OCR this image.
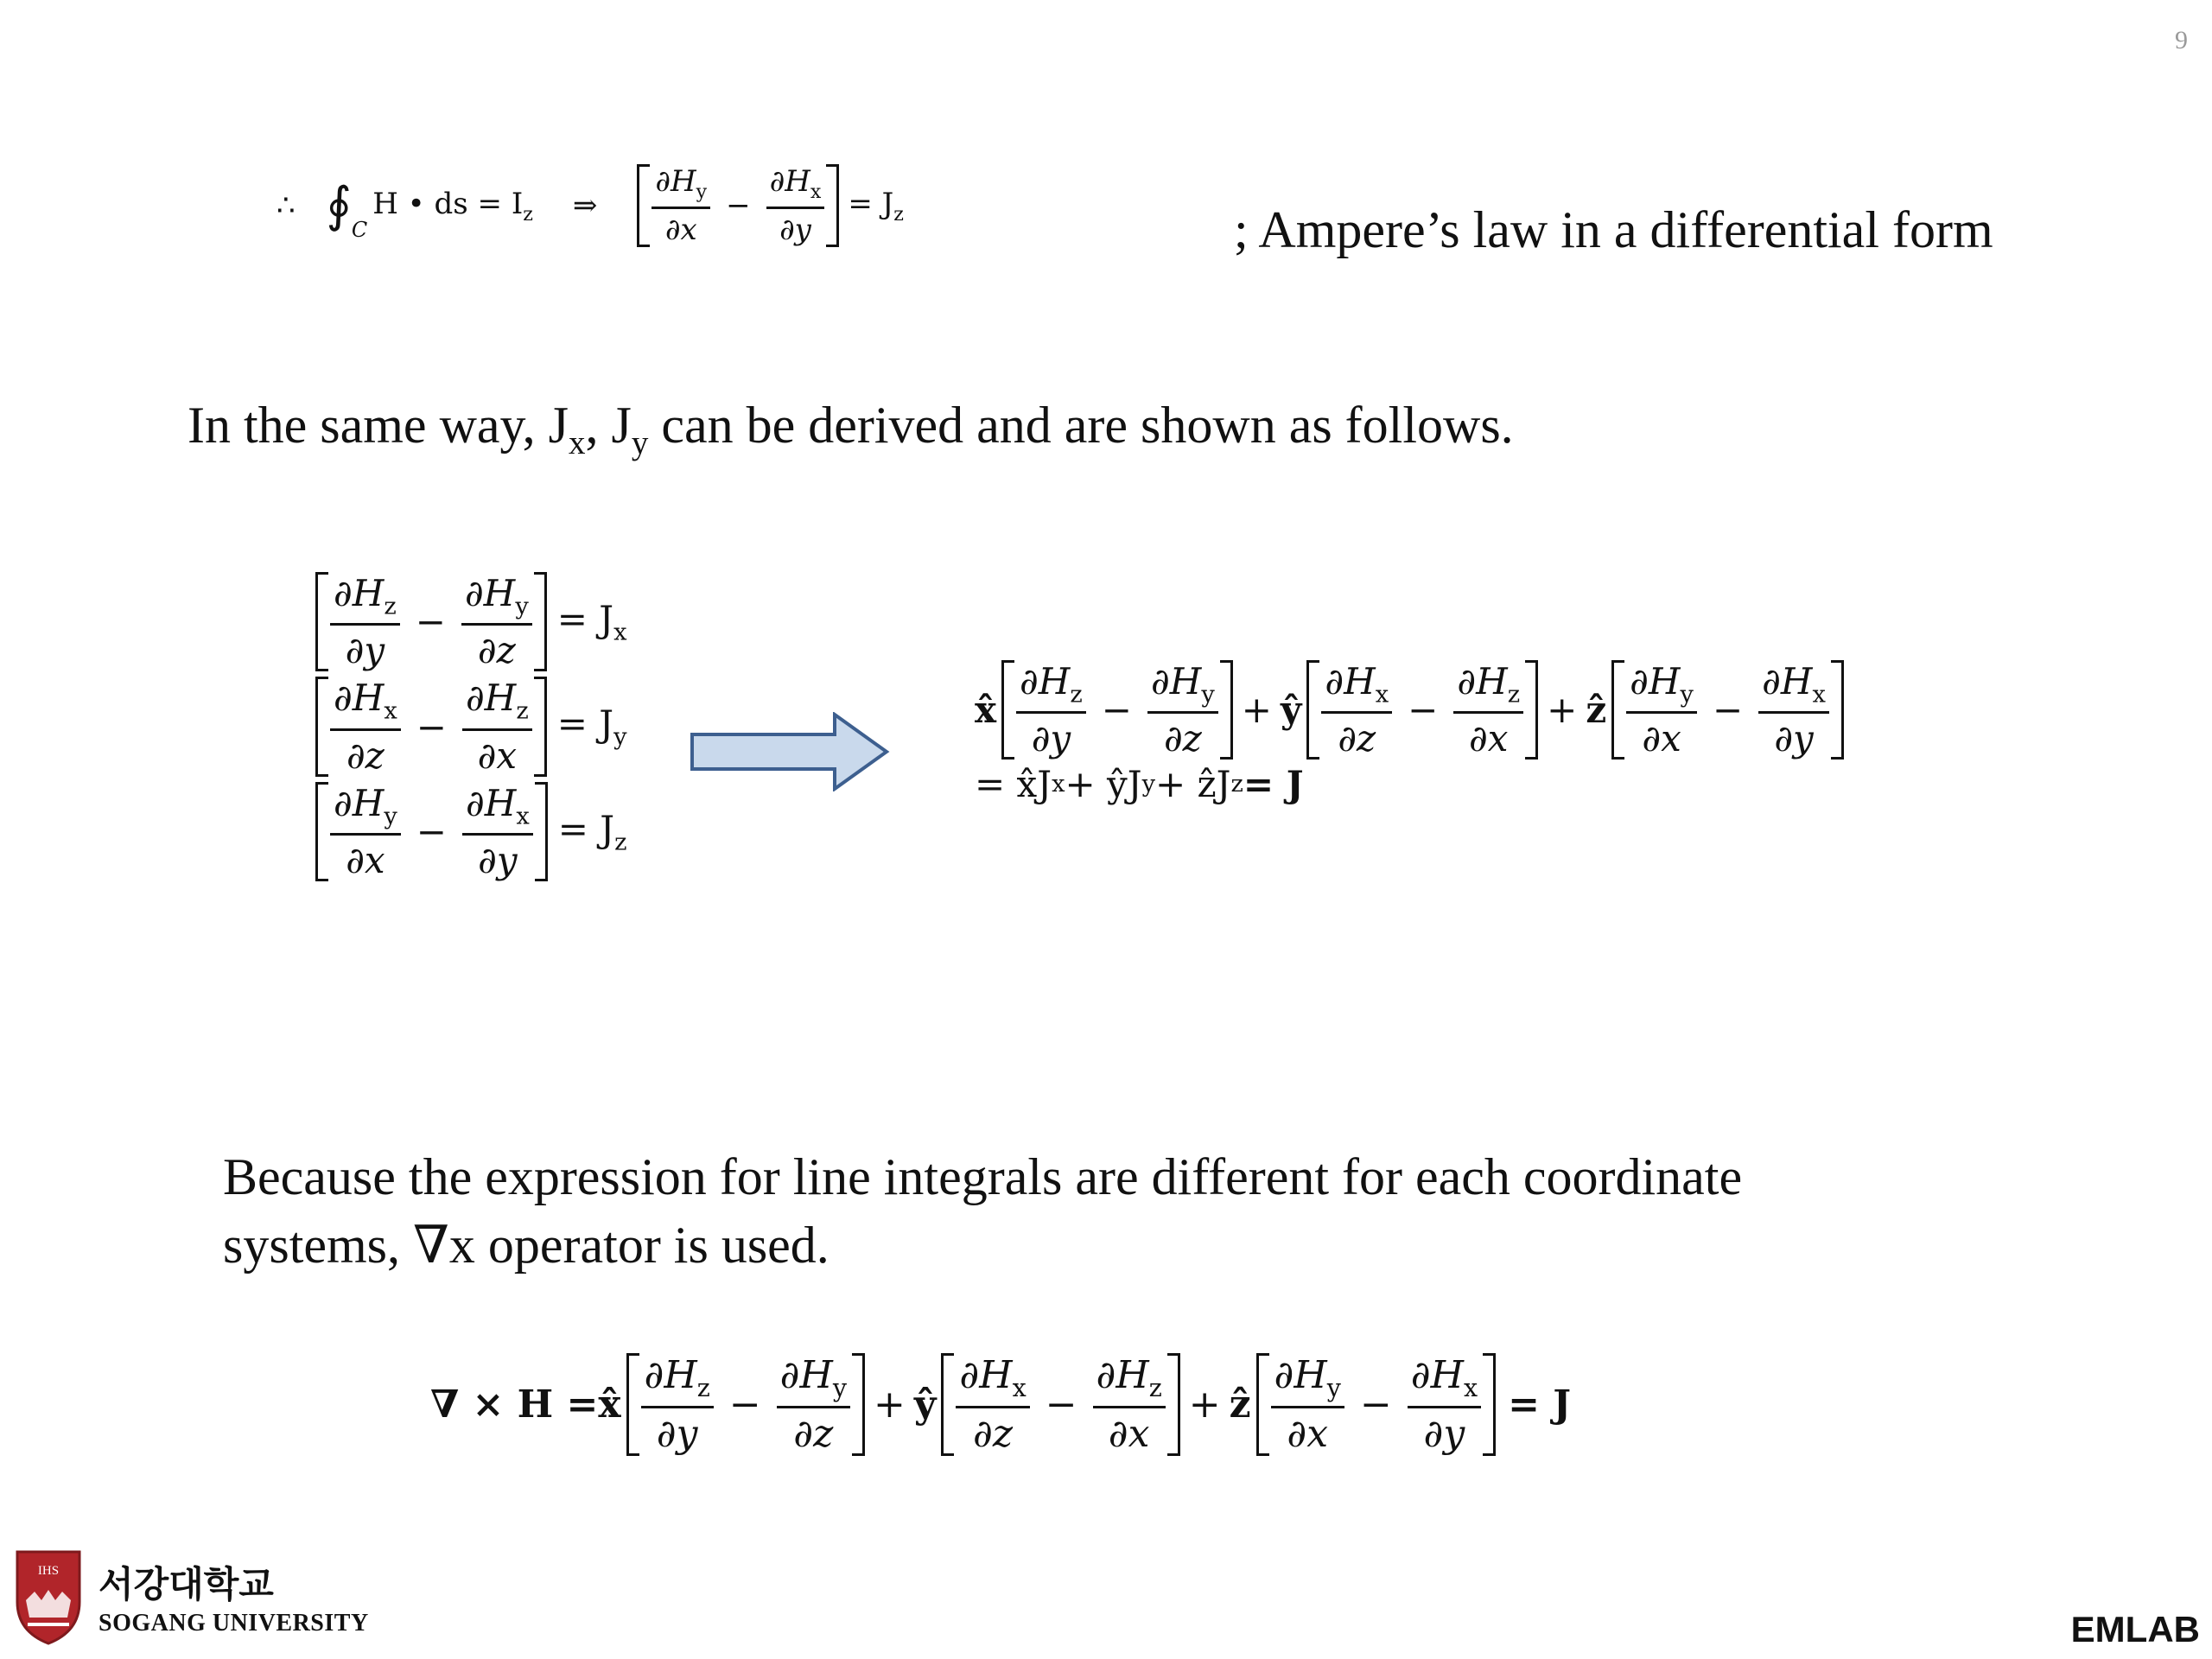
9
∴ ∮ C
H • ds = $I_z$ ⇒ $\frac{\partial H_y}{\partial x} - \frac{\partial H_x}{\partial y} = J_z$	; Ampere’s law in a differential form
In the same way, $J_x$, $J_y$ can be derived and are shown as follows.
$\frac{\partial H_z}{\partial y} - \frac{\partial H_y}{\partial z} = J_x$
$\frac{\partial H_x}{\partial z} - \frac{\partial H_z}{\partial x} = J_y$
$\frac{\partial H_y}{\partial x} - \frac{\partial H_x}{\partial y} = J_z$
x̂ $\frac{\partial H_z}{\partial y} - \frac{\partial H_y}{\partial z}$ + ŷ $\frac{\partial H_x}{\partial z} - \frac{\partial H_z}{\partial x}$ + ẑ $\frac{\partial H_y}{\partial x} - \frac{\partial H_x}{\partial y}$
= x̂J x + ŷJ y + ẑJ z = J
Because the expression for line integrals are different for each coordinate
systems, ∇x operator is used.
∇ × H = x̂ $\frac{\partial H_z}{\partial y} - \frac{\partial H_y}{\partial z}$ + ŷ $\frac{\partial H_x}{\partial z} - \frac{\partial H_z}{\partial x}$ + ẑ $\frac{\partial H_y}{\partial x} - \frac{\partial H_x}{\partial y} = J$
IHS 서강대학교
SOGANG UNIVERSITY	EMLAB
